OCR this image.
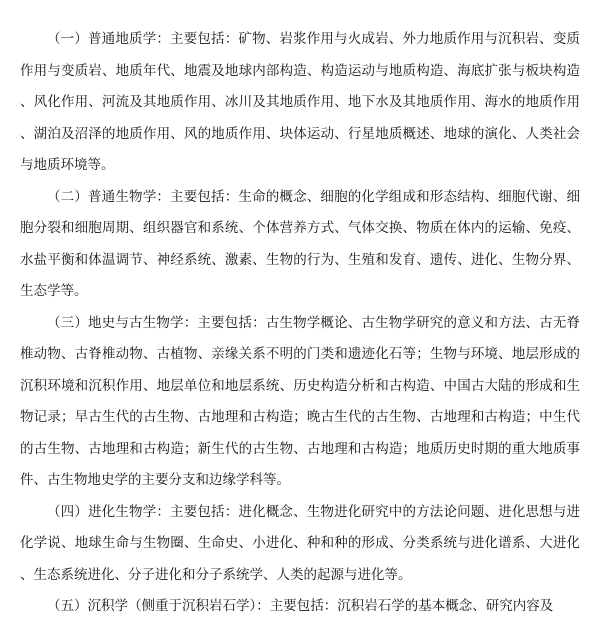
（一）普通地质学：主要包括：矿物、岩浆作用与火成岩、外力地质作用与沉积岩、变质作用与变质岩、地质年代、地震及地球内部构造、构造运动与地质构造、海底扩张与板块构造、风化作用、河流及其地质作用、冰川及其地质作用、地下水及其地质作用、海水的地质作用、湖泊及沼泽的地质作用、风的地质作用、块体运动、行星地质概述、地球的演化、人类社会与地质环境等。

（二）普通生物学：主要包括：生命的概念、细胞的化学组成和形态结构、细胞代谢、细胞分裂和细胞周期、组织器官和系统、个体营养方式、气体交换、物质在体内的运输、免疫、水盐平衡和体温调节、神经系统、激素、生物的行为、生殖和发育、遗传、进化、生物分界、生态学等。

（三）地史与古生物学：主要包括：古生物学概论、古生物学研究的意义和方法、古无脊椎动物、古脊椎动物、古植物、亲缘关系不明的门类和遗迹化石等；生物与环境、地层形成的沉积环境和沉积作用、地层单位和地层系统、历史构造分析和古构造、中国古大陆的形成和生物记录；早古生代的古生物、古地理和古构造；晚古生代的古生物、古地理和古构造；中生代的古生物、古地理和古构造；新生代的古生物、古地理和古构造；地质历史时期的重大地质事件、古生物地史学的主要分支和边缘学科等。

（四）进化生物学：主要包括：进化概念、生物进化研究中的方法论问题、进化思想与进化学说、地球生命与生物圈、生命史、小进化、种和种的形成、分类系统与进化谱系、大进化、生态系统进化、分子进化和分子系统学、人类的起源与进化等。

（五）沉积学（侧重于沉积岩石学）：主要包括：沉积岩石学的基本概念、研究内容及
